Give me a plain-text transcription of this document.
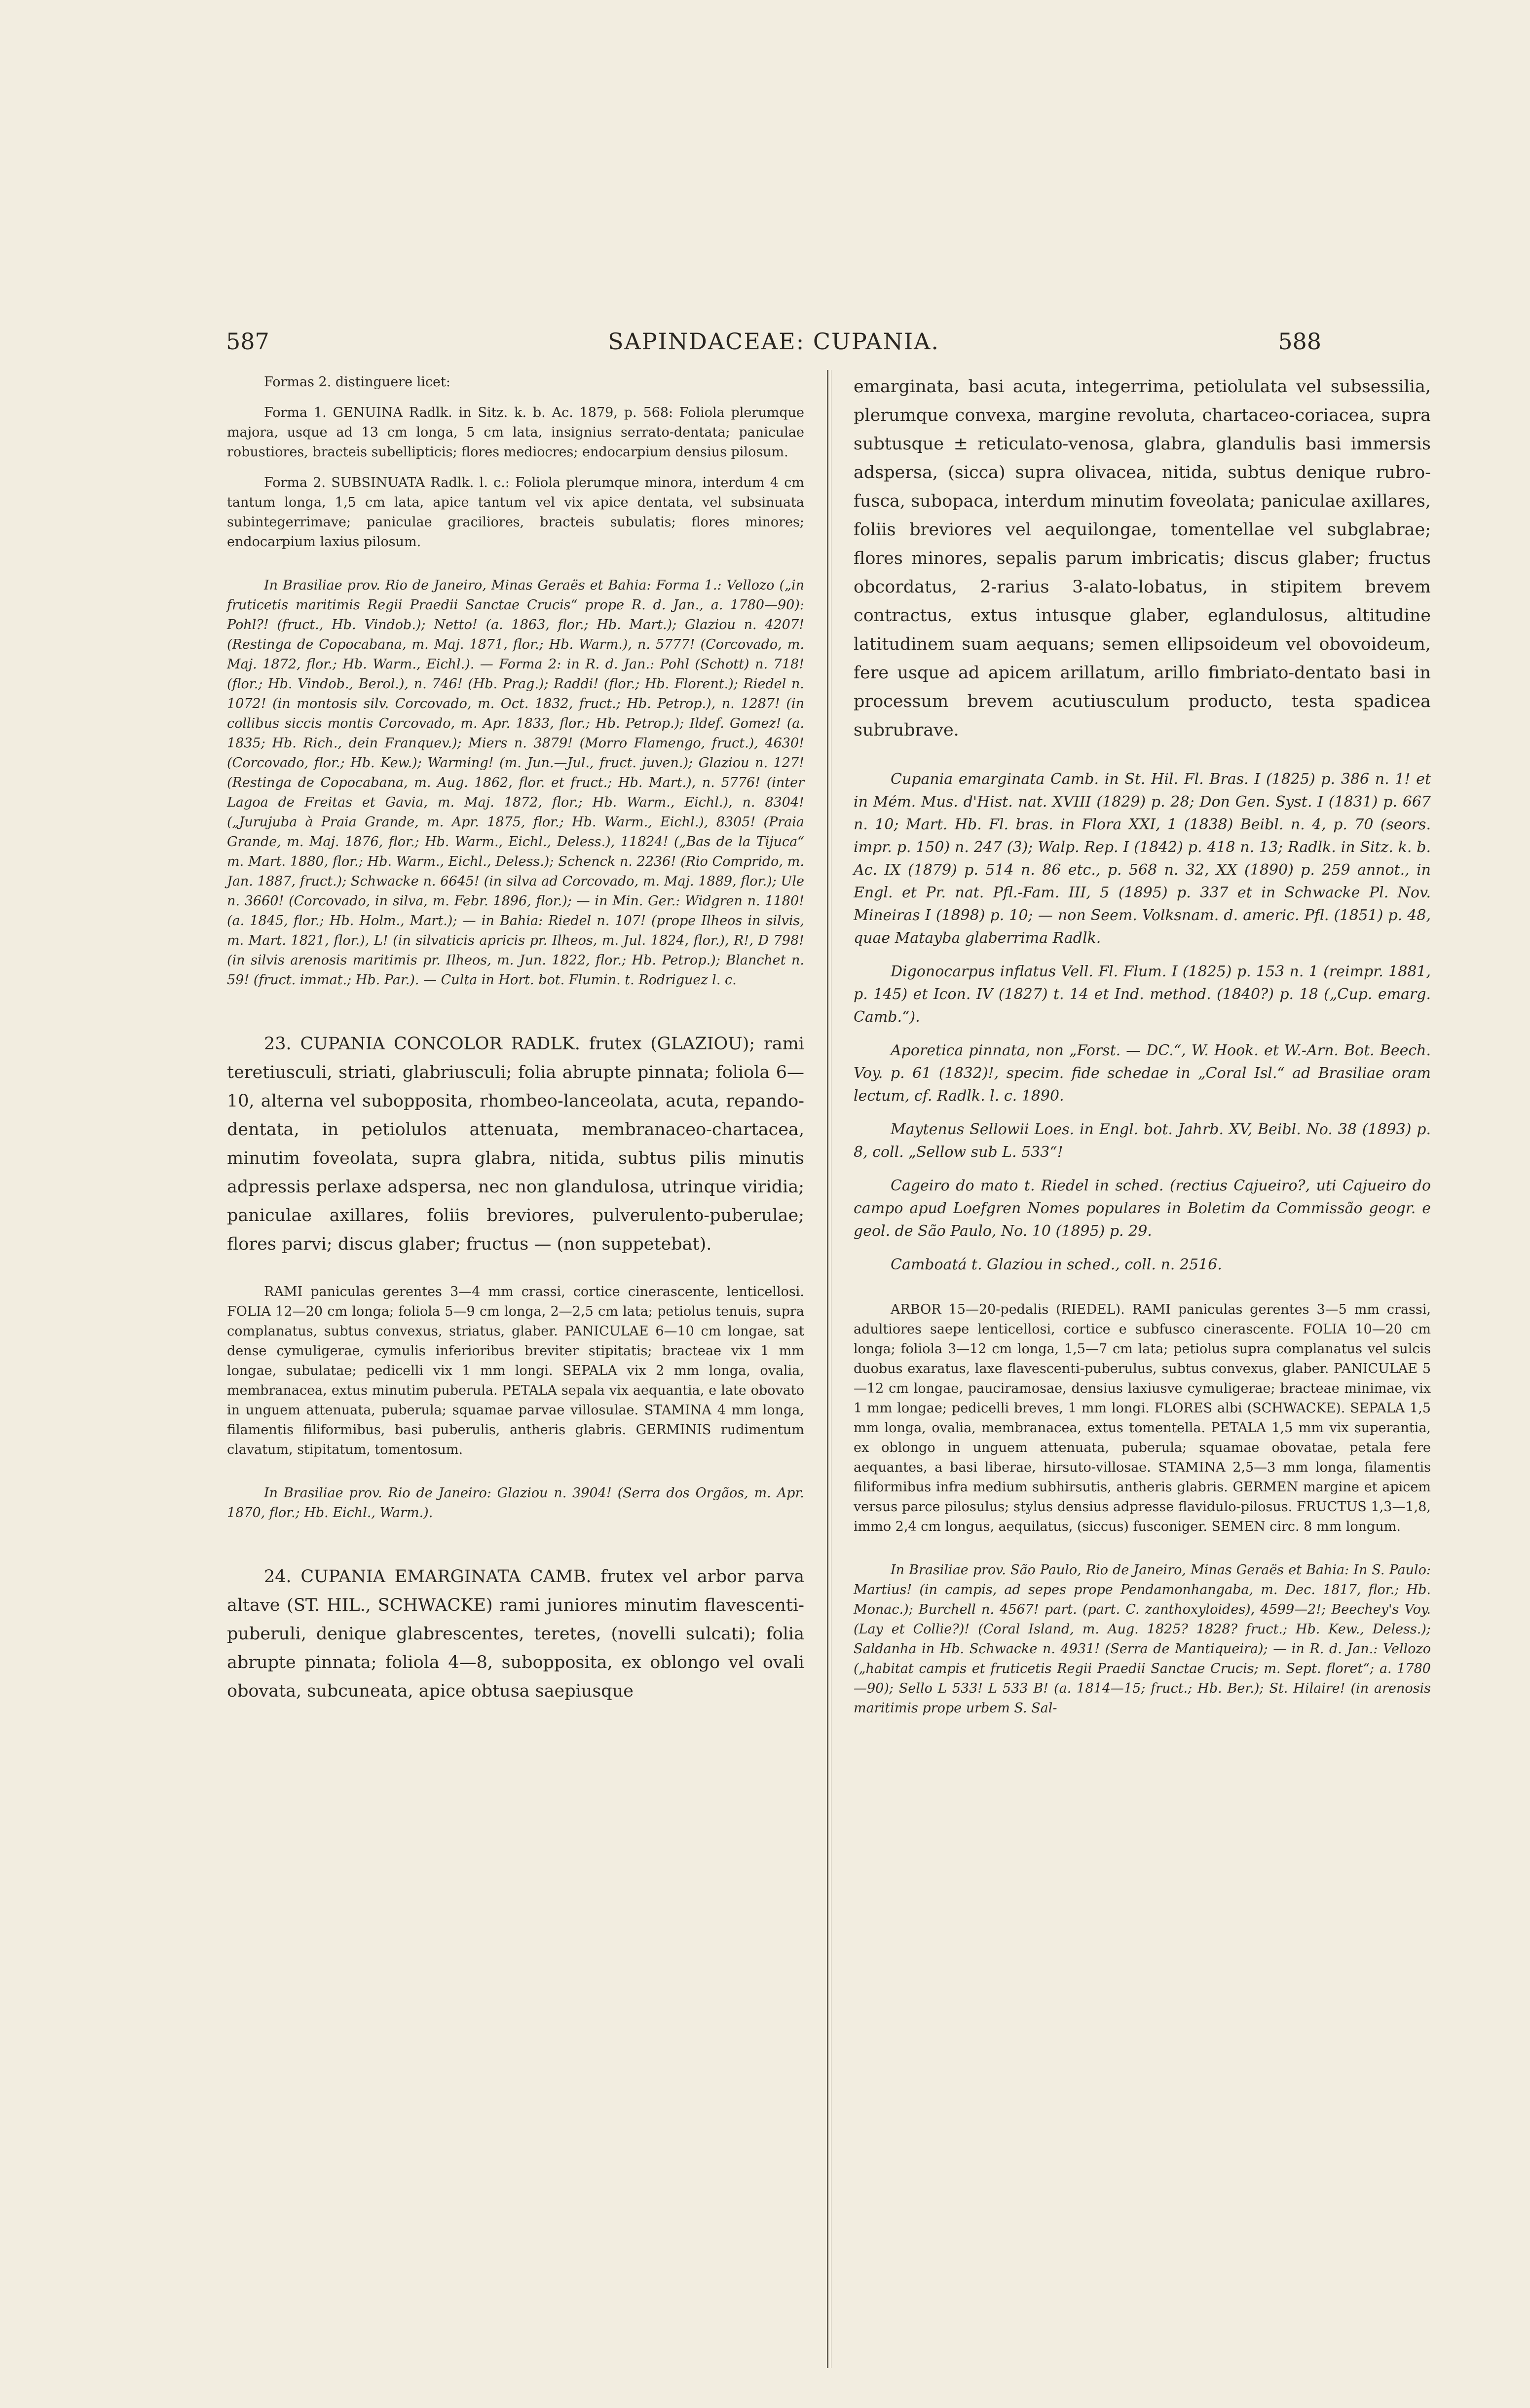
587	SAPINDACEAE: CUPANIA.	588

Formas 2. distinguere licet:

Forma 1. GENUINA Radlk. in Sitz. k. b. Ac. 1879, p. 568: Foliola plerumque majora, usque ad 13 cm longa, 5 cm lata, insignius serrato-dentata; paniculae robustiores, bracteis subellipticis; flores mediocres; endocarpium densius pilosum.

Forma 2. SUBSINUATA Radlk. l. c.: Foliola plerumque minora, interdum 4 cm tantum longa, 1,5 cm lata, apice tantum vel vix apice dentata, vel subsinuata subintegerrimave; paniculae graciliores, bracteis subulatis; flores minores; endocarpium laxius pilosum.

In Brasiliae prov. Rio de Janeiro, Minas Geraës et Bahia: Forma 1.: Vellozo („in fruticetis maritimis Regii Praedii Sanctae Crucis“ prope R. d. Jan., a. 1780—90): Pohl?! (fruct., Hb. Vindob.); Netto! (a. 1863, flor.; Hb. Mart.); Glaziou n. 4207! (Restinga de Copocabana, m. Maj. 1871, flor.; Hb. Warm.), n. 5777! (Corcovado, m. Maj. 1872, flor.; Hb. Warm., Eichl.). — Forma 2: in R. d. Jan.: Pohl (Schott) n. 718! (flor.; Hb. Vindob., Berol.), n. 746! (Hb. Prag.); Raddi! (flor.; Hb. Florent.); Riedel n. 1072! (in montosis silv. Corcovado, m. Oct. 1832, fruct.; Hb. Petrop.), n. 1287! (in collibus siccis montis Corcovado, m. Apr. 1833, flor.; Hb. Petrop.); Ildef. Gomez! (a. 1835; Hb. Rich., dein Franquev.); Miers n. 3879! (Morro Flamengo, fruct.), 4630! (Corcovado, flor.; Hb. Kew.); Warming! (m. Jun.—Jul., fruct. juven.); Glaziou n. 127! (Restinga de Copocabana, m. Aug. 1862, flor. et fruct.; Hb. Mart.), n. 5776! (inter Lagoa de Freitas et Gavia, m. Maj. 1872, flor.; Hb. Warm., Eichl.), n. 8304! („Jurujuba à Praia Grande, m. Apr. 1875, flor.; Hb. Warm., Eichl.), 8305! (Praia Grande, m. Maj. 1876, flor.; Hb. Warm., Eichl., Deless.), 11824! („Bas de la Tijuca“ m. Mart. 1880, flor.; Hb. Warm., Eichl., Deless.); Schenck n. 2236! (Rio Comprido, m. Jan. 1887, fruct.); Schwacke n. 6645! (in silva ad Corcovado, m. Maj. 1889, flor.); Ule n. 3660! (Corcovado, in silva, m. Febr. 1896, flor.); — in Min. Ger.: Widgren n. 1180! (a. 1845, flor.; Hb. Holm., Mart.); — in Bahia: Riedel n. 107! (prope Ilheos in silvis, m. Mart. 1821, flor.), L! (in silvaticis apricis pr. Ilheos, m. Jul. 1824, flor.), R!, D 798! (in silvis arenosis maritimis pr. Ilheos, m. Jun. 1822, flor.; Hb. Petrop.); Blanchet n. 59! (fruct. immat.; Hb. Par.). — Culta in Hort. bot. Flumin. t. Rodriguez l. c.

23. CUPANIA CONCOLOR RADLK. frutex (GLAZIOU); rami teretiusculi, striati, glabriusculi; folia abrupte pinnata; foliola 6—10, alterna vel subopposita, rhombeo-lanceolata, acuta, repando-dentata, in petiolulos attenuata, membranaceo-chartacea, minutim foveolata, supra glabra, nitida, subtus pilis minutis adpressis perlaxe adspersa, nec non glandulosa, utrinque viridia; paniculae axillares, foliis breviores, pulverulento-puberulae; flores parvi; discus glaber; fructus — (non suppetebat).

RAMI paniculas gerentes 3—4 mm crassi, cortice cinerascente, lenticellosi. FOLIA 12—20 cm longa; foliola 5—9 cm longa, 2—2,5 cm lata; petiolus tenuis, supra complanatus, subtus convexus, striatus, glaber. PANICULAE 6—10 cm longae, sat dense cymuligerae, cymulis inferioribus breviter stipitatis; bracteae vix 1 mm longae, subulatae; pedicelli vix 1 mm longi. SEPALA vix 2 mm longa, ovalia, membranacea, extus minutim puberula. PETALA sepala vix aequantia, e late obovato in unguem attenuata, puberula; squamae parvae villosulae. STAMINA 4 mm longa, filamentis filiformibus, basi puberulis, antheris glabris. GERMINIS rudimentum clavatum, stipitatum, tomentosum.

In Brasiliae prov. Rio de Janeiro: Glaziou n. 3904! (Serra dos Orgãos, m. Apr. 1870, flor.; Hb. Eichl., Warm.).

24. CUPANIA EMARGINATA CAMB. frutex vel arbor parva altave (ST. HIL., SCHWACKE) rami juniores minutim flavescenti-puberuli, denique glabrescentes, teretes, (novelli sulcati); folia abrupte pinnata; foliola 4—8, subopposita, ex oblongo vel ovali obovata, subcuneata, apice obtusa saepiusque

emarginata, basi acuta, integerrima, petiolulata vel subsessilia, plerumque convexa, margine revoluta, chartaceo-coriacea, supra subtusque ± reticulato-venosa, glabra, glandulis basi immersis adspersa, (sicca) supra olivacea, nitida, subtus denique rubro-fusca, subopaca, interdum minutim foveolata; paniculae axillares, foliis breviores vel aequilongae, tomentellae vel subglabrae; flores minores, sepalis parum imbricatis; discus glaber; fructus obcordatus, 2-rarius 3-alato-lobatus, in stipitem brevem contractus, extus intusque glaber, eglandulosus, altitudine latitudinem suam aequans; semen ellipsoideum vel obovoideum, fere usque ad apicem arillatum, arillo fimbriato-dentato basi in processum brevem acutiusculum producto, testa spadicea subrubrave.

Cupania emarginata Camb. in St. Hil. Fl. Bras. I (1825) p. 386 n. 1! et in Mém. Mus. d'Hist. nat. XVIII (1829) p. 28; Don Gen. Syst. I (1831) p. 667 n. 10; Mart. Hb. Fl. bras. in Flora XXI, 1 (1838) Beibl. n. 4, p. 70 (seors. impr. p. 150) n. 247 (3); Walp. Rep. I (1842) p. 418 n. 13; Radlk. in Sitz. k. b. Ac. IX (1879) p. 514 n. 86 etc., p. 568 n. 32, XX (1890) p. 259 annot., in Engl. et Pr. nat. Pfl.-Fam. III, 5 (1895) p. 337 et in Schwacke Pl. Nov. Mineiras I (1898) p. 10; — non Seem. Volksnam. d. americ. Pfl. (1851) p. 48, quae Matayba glaberrima Radlk.

Digonocarpus inflatus Vell. Fl. Flum. I (1825) p. 153 n. 1 (reimpr. 1881, p. 145) et Icon. IV (1827) t. 14 et Ind. method. (1840?) p. 18 („Cup. emarg. Camb.“).

Aporetica pinnata, non „Forst. — DC.“, W. Hook. et W.-Arn. Bot. Beech. Voy. p. 61 (1832)!, specim. fide schedae in „Coral Isl.“ ad Brasiliae oram lectum, cf. Radlk. l. c. 1890.

Maytenus Sellowii Loes. in Engl. bot. Jahrb. XV, Beibl. No. 38 (1893) p. 8, coll. „Sellow sub L. 533“!

Cageiro do mato t. Riedel in sched. (rectius Cajueiro?, uti Cajueiro do campo apud Loefgren Nomes populares in Boletim da Commissão geogr. e geol. de São Paulo, No. 10 (1895) p. 29.

Camboatá t. Glaziou in sched., coll. n. 2516.

ARBOR 15—20-pedalis (RIEDEL). RAMI paniculas gerentes 3—5 mm crassi, adultiores saepe lenticellosi, cortice e subfusco cinerascente. FOLIA 10—20 cm longa; foliola 3—12 cm longa, 1,5—7 cm lata; petiolus supra complanatus vel sulcis duobus exaratus, laxe flavescenti-puberulus, subtus convexus, glaber. PANICULAE 5—12 cm longae, pauciramosae, densius laxiusve cymuligerae; bracteae minimae, vix 1 mm longae; pedicelli breves, 1 mm longi. FLORES albi (SCHWACKE). SEPALA 1,5 mm longa, ovalia, membranacea, extus tomentella. PETALA 1,5 mm vix superantia, ex oblongo in unguem attenuata, puberula; squamae obovatae, petala fere aequantes, a basi liberae, hirsuto-villosae. STAMINA 2,5—3 mm longa, filamentis filiformibus infra medium subhirsutis, antheris glabris. GERMEN margine et apicem versus parce pilosulus; stylus densius adpresse flavidulo-pilosus. FRUCTUS 1,3—1,8, immo 2,4 cm longus, aequilatus, (siccus) fusconiger. SEMEN circ. 8 mm longum.

In Brasiliae prov. São Paulo, Rio de Janeiro, Minas Geraës et Bahia: In S. Paulo: Martius! (in campis, ad sepes prope Pendamonhangaba, m. Dec. 1817, flor.; Hb. Monac.); Burchell n. 4567! part. (part. C. zanthoxyloides), 4599—2!; Beechey's Voy. (Lay et Collie?)! (Coral Island, m. Aug. 1825? 1828? fruct.; Hb. Kew., Deless.); Saldanha in Hb. Schwacke n. 4931! (Serra de Mantiqueira); — in R. d. Jan.: Vellozo („habitat campis et fruticetis Regii Praedii Sanctae Crucis; m. Sept. floret“; a. 1780—90); Sello L 533! L 533 B! (a. 1814—15; fruct.; Hb. Ber.); St. Hilaire! (in arenosis maritimis prope urbem S. Sal-
